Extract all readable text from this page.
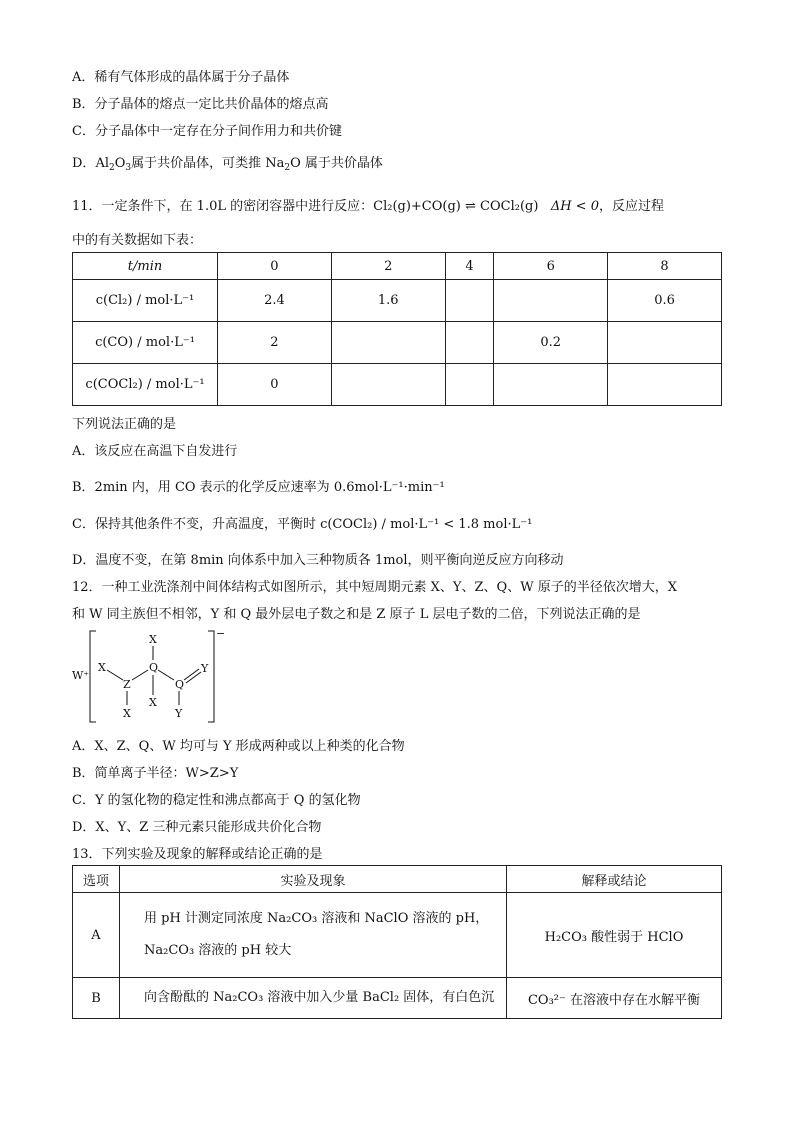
A．稀有气体形成的晶体属于分子晶体
B．分子晶体的熔点一定比共价晶体的熔点高
C．分子晶体中一定存在分子间作用力和共价键
D．$Al_2O_3$属于共价晶体，可类推 $Na_2O$ 属于共价晶体
11．一定条件下，在 1.0L 的密闭容器中进行反应：Cl₂(g)+CO(g) ⇌ COCl₂(g) ΔH < 0，反应过程
中的有关数据如下表：
t/min	0	2	4	6	8
c(Cl₂) / mol·L⁻¹	2.4	1.6			0.6
c(CO) / mol·L⁻¹	2			0.2	
c(COCl₂) / mol·L⁻¹	0				
下列说法正确的是
A．该反应在高温下自发进行
B．2min 内，用 CO 表示的化学反应速率为 0.6mol·L⁻¹·min⁻¹
C．保持其他条件不变，升高温度，平衡时 c(COCl₂) / mol·L⁻¹ < 1.8 mol·L⁻¹
D．温度不变，在第 8min 向体系中加入三种物质各 1mol，则平衡向逆反应方向移动
12．一种工业洗涤剂中间体结构式如图所示，其中短周期元素 X、Y、Z、Q、W 原子的半径依次增大，X
和 W 同主族但不相邻，Y 和 Q 最外层电子数之和是 Z 原子 L 层电子数的二倍，下列说法正确的是
W⁺
−
X
Z
X
X
Q
X
Q
Y
Y
A．X、Z、Q、W 均可与 Y 形成两种或以上种类的化合物
B．简单离子半径：W>Z>Y
C．Y 的氢化物的稳定性和沸点都高于 Q 的氢化物
D．X、Y、Z 三种元素只能形成共价化合物
13．下列实验及现象的解释或结论正确的是
选项	实验及现象	解释或结论
A	用 pH 计测定同浓度 Na₂CO₃ 溶液和 NaClO 溶液的 pH，
Na₂CO₃ 溶液的 pH 较大	H₂CO₃ 酸性弱于 HClO
B	向含酚酞的 Na₂CO₃ 溶液中加入少量 BaCl₂ 固体，有白色沉	CO₃²⁻ 在溶液中存在水解平衡
